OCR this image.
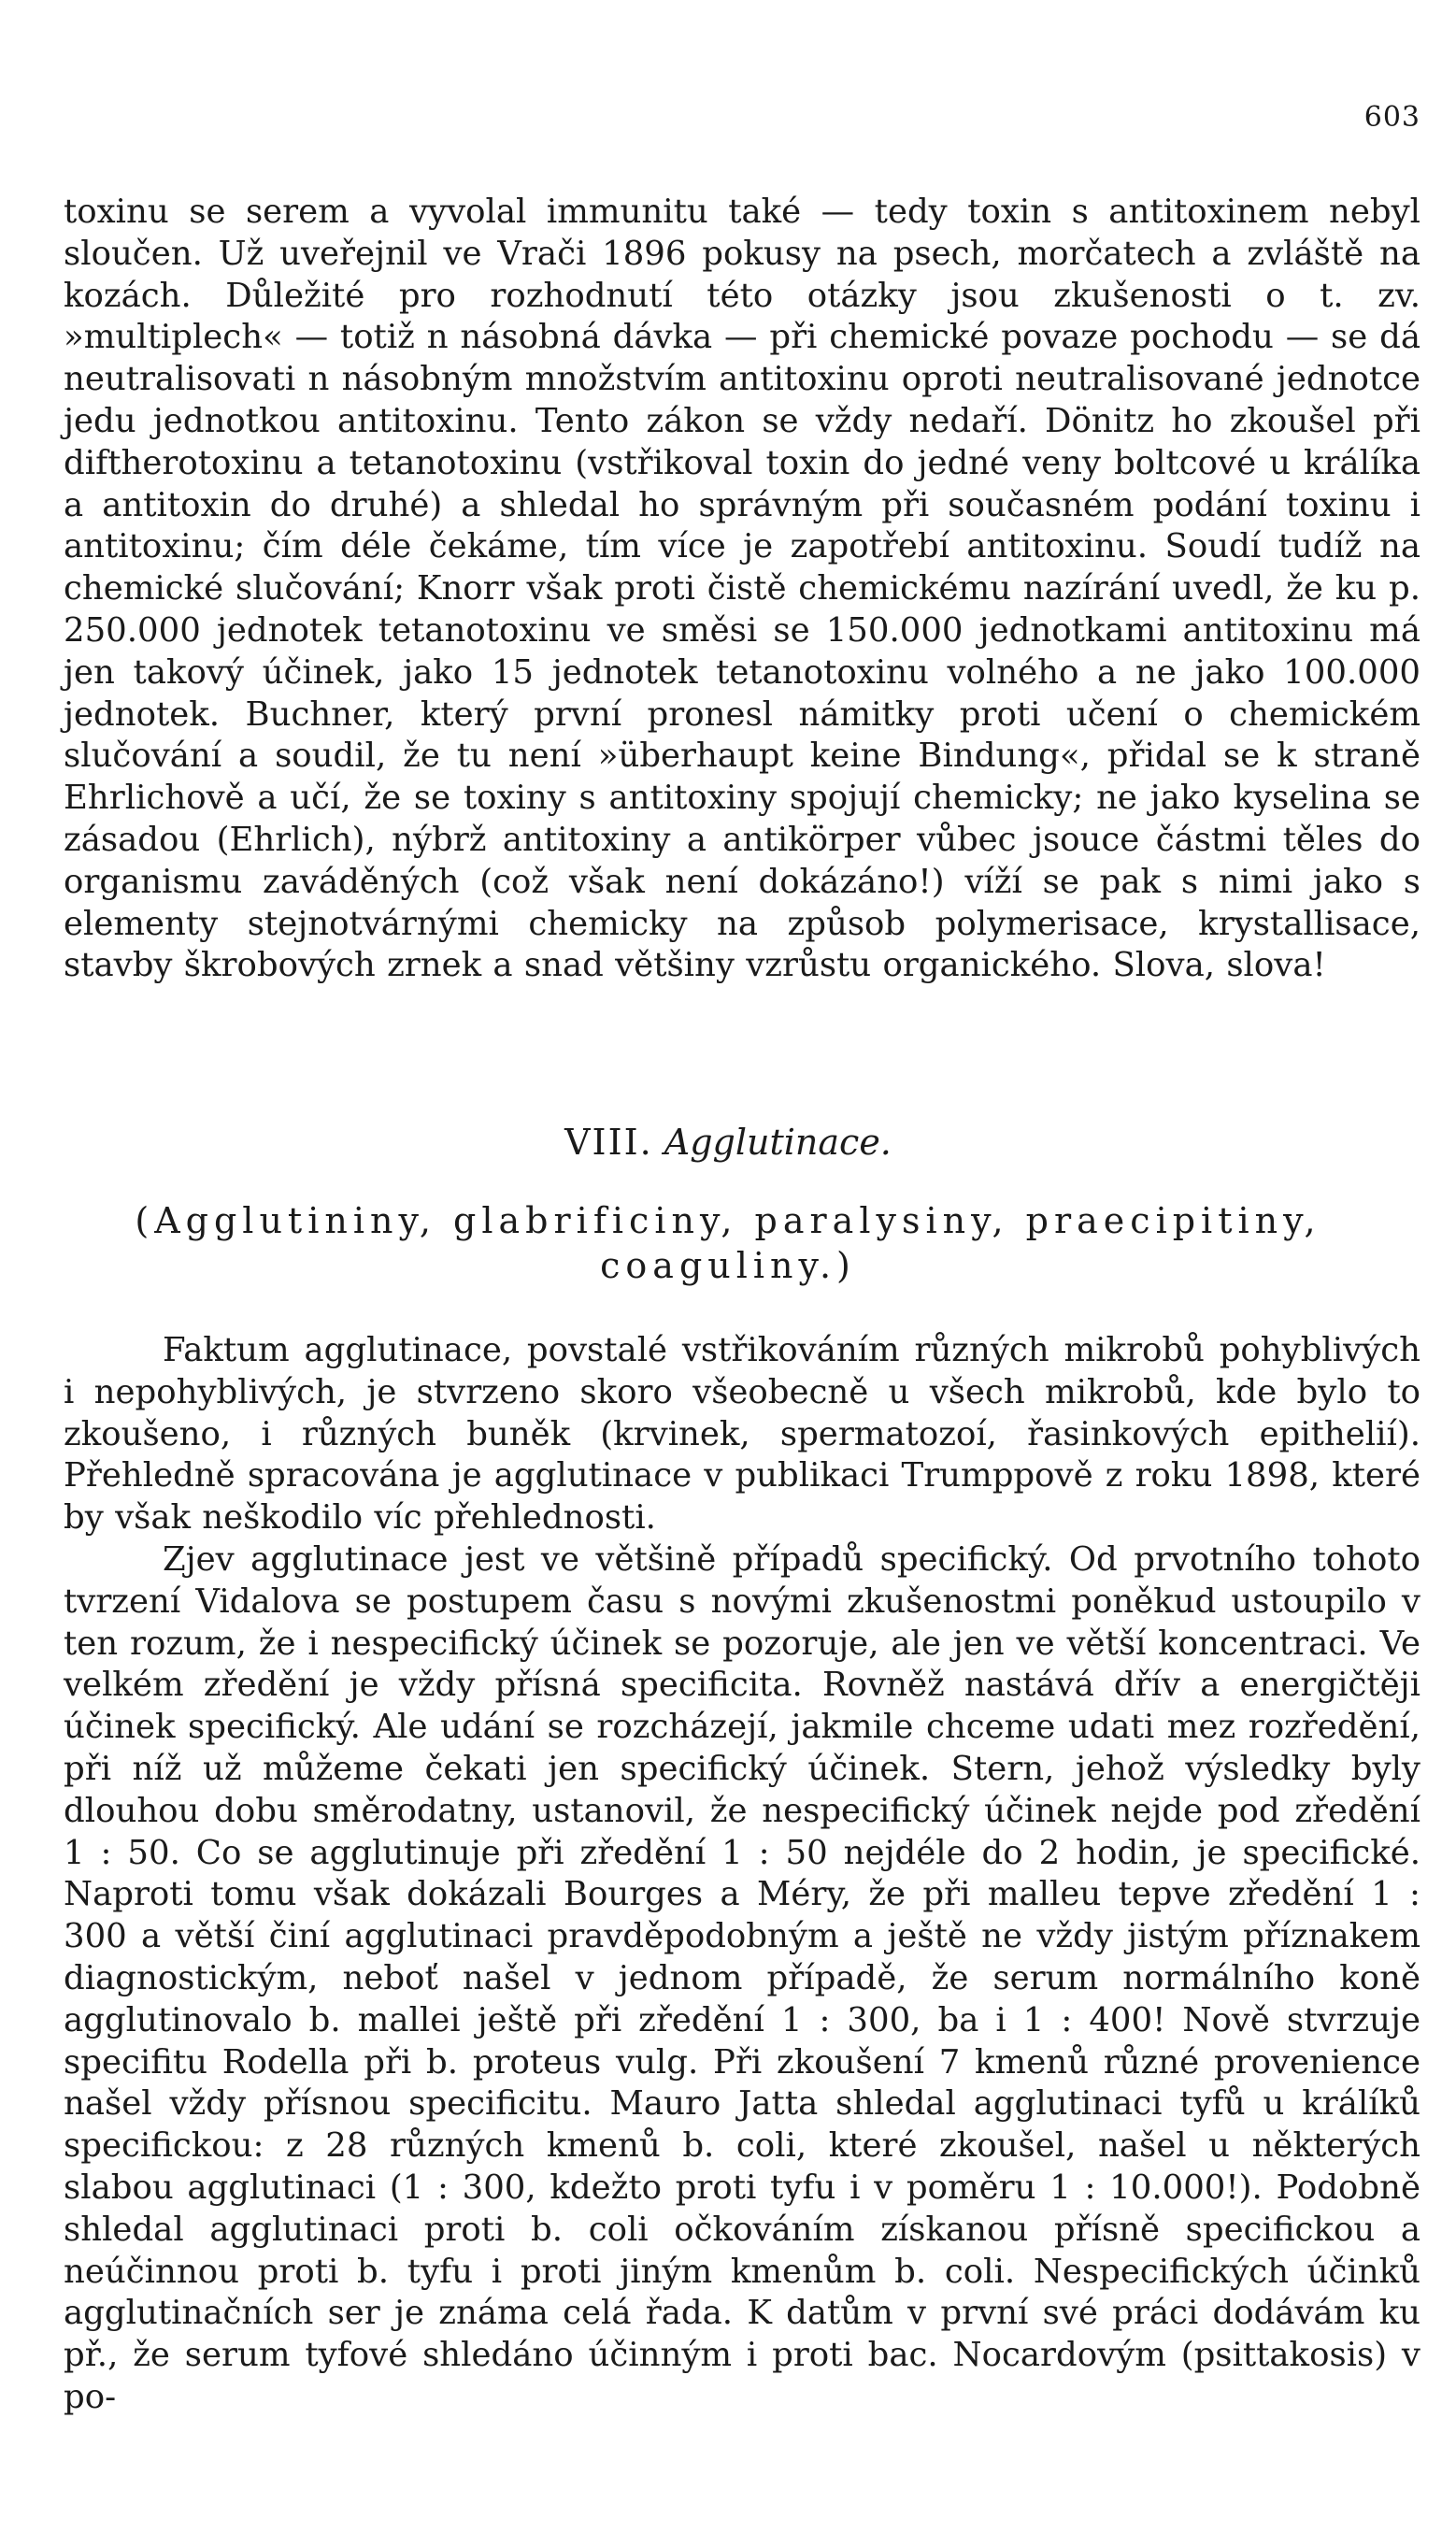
603

toxinu se serem a vyvolal immunitu také — tedy toxin s antitoxinem nebyl sloučen. Už uveřejnil ve Vrači 1896 pokusy na psech, morčatech a zvláště na kozách. Důležité pro rozhodnutí této otázky jsou zkušenosti o t. zv. »multiplech« — totiž n násobná dávka — při chemické povaze pochodu — se dá neutralisovati n násobným množstvím antitoxinu oproti neutralisované jednotce jedu jednotkou antitoxinu. Tento zákon se vždy nedaří. Dönitz ho zkoušel při diftherotoxinu a tetanotoxinu (vstřikoval toxin do jedné veny boltcové u králíka a antitoxin do druhé) a shledal ho správným při současném podání toxinu i antitoxinu; čím déle čekáme, tím více je zapotřebí antitoxinu. Soudí tudíž na chemické slučování; Knorr však proti čistě chemickému nazírání uvedl, že ku p. 250.000 jednotek tetanotoxinu ve směsi se 150.000 jednotkami antitoxinu má jen takový účinek, jako 15 jednotek tetanotoxinu volného a ne jako 100.000 jednotek. Buchner, který první pronesl námitky proti učení o chemickém slučování a soudil, že tu není »überhaupt keine Bindung«, přidal se k straně Ehrlichově a učí, že se toxiny s antitoxiny spojují chemicky; ne jako kyselina se zásadou (Ehrlich), nýbrž antitoxiny a antikörper vůbec jsouce částmi těles do organismu zaváděných (což však není dokázáno!) víží se pak s nimi jako s elementy stejnotvárnými chemicky na způsob polymerisace, krystallisace, stavby škrobových zrnek a snad většiny vzrůstu organického. Slova, slova!

VIII. Agglutinace.
(Agglutininy, glabrificiny, paralysiny, praecipitiny, coaguliny.)

Faktum agglutinace, povstalé vstřikováním různých mikrobů pohyblivých i nepohyblivých, je stvrzeno skoro všeobecně u všech mikrobů, kde bylo to zkoušeno, i různých buněk (krvinek, spermatozoí, řasinkových epithelií). Přehledně spracována je agglutinace v publikaci Trumppově z roku 1898, které by však neškodilo víc přehlednosti.

Zjev agglutinace jest ve většině případů specifický. Od prvotního tohoto tvrzení Vidalova se postupem času s novými zkušenostmi poněkud ustoupilo v ten rozum, že i nespecifický účinek se pozoruje, ale jen ve větší koncentraci. Ve velkém zředění je vždy přísná specificita. Rovněž nastává dřív a energičtěji účinek specifický. Ale udání se rozcházejí, jakmile chceme udati mez rozředění, při níž už můžeme čekati jen specifický účinek. Stern, jehož výsledky byly dlouhou dobu směrodatny, ustanovil, že nespecifický účinek nejde pod zředění 1 : 50. Co se agglutinuje při zředění 1 : 50 nejdéle do 2 hodin, je specifické. Naproti tomu však dokázali Bourges a Méry, že při malleu tepve zředění 1 : 300 a větší činí agglutinaci pravděpodobným a ještě ne vždy jistým příznakem diagnostickým, neboť našel v jednom případě, že serum normálního koně agglutinovalo b. mallei ještě při zředění 1 : 300, ba i 1 : 400! Nově stvrzuje specifitu Rodella při b. proteus vulg. Při zkoušení 7 kmenů různé provenience našel vždy přísnou specificitu. Mauro Jatta shledal agglutinaci tyfů u králíků specifickou: z 28 různých kmenů b. coli, které zkoušel, našel u některých slabou agglutinaci (1 : 300, kdežto proti tyfu i v poměru 1 : 10.000!). Podobně shledal agglutinaci proti b. coli očkováním získanou přísně specifickou a neúčinnou proti b. tyfu i proti jiným kmenům b. coli. Nespecifických účinků agglutinačních ser je známa celá řada. K datům v první své práci dodávám ku př., že serum tyfové shledáno účinným i proti bac. Nocardovým (psittakosis) v po-
